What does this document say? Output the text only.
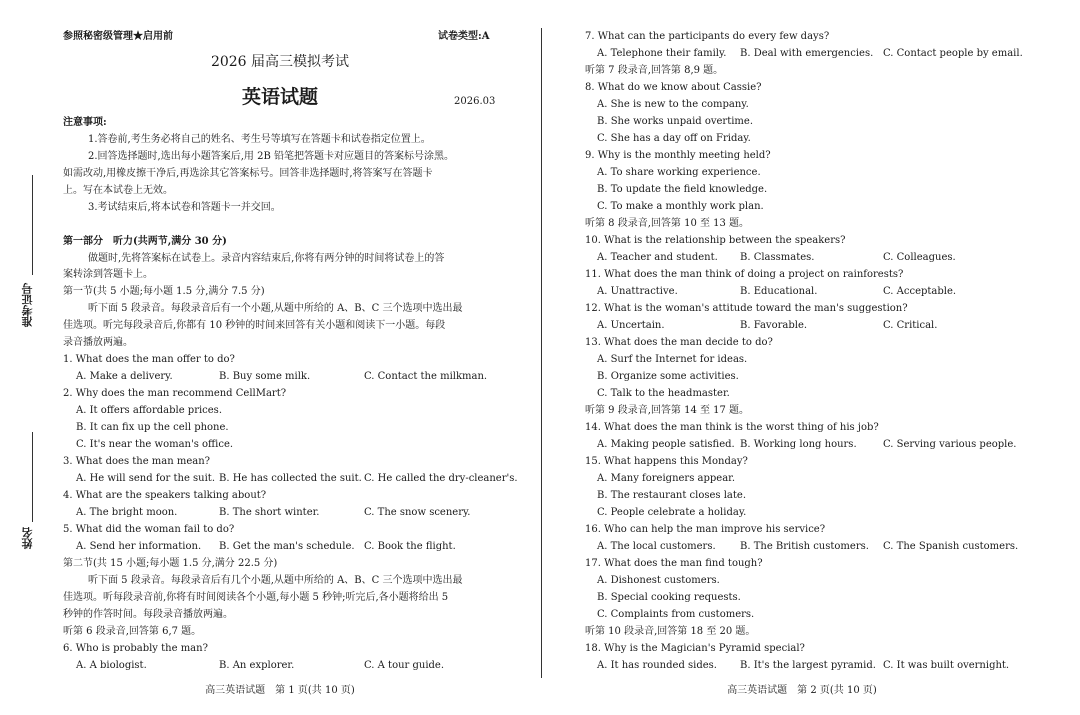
准考证号
姓名
参照秘密级管理★启用前	试卷类型:A
2026 届高三模拟考试
英语试题	2026.03
注意事项:
1.答卷前,考生务必将自己的姓名、考生号等填写在答题卡和试卷指定位置上。
2.回答选择题时,选出每小题答案后,用 2B 铅笔把答题卡对应题目的答案标号涂黑。
如需改动,用橡皮擦干净后,再选涂其它答案标号。回答非选择题时,将答案写在答题卡
上。写在本试卷上无效。
3.考试结束后,将本试卷和答题卡一并交回。
第一部分　听力(共两节,满分 30 分)
做题时,先将答案标在试卷上。录音内容结束后,你将有两分钟的时间将试卷上的答
案转涂到答题卡上。
第一节(共 5 小题;每小题 1.5 分,满分 7.5 分)
听下面 5 段录音。每段录音后有一个小题,从题中所给的 A、B、C 三个选项中选出最
佳选项。听完每段录音后,你都有 10 秒钟的时间来回答有关小题和阅读下一小题。每段
录音播放两遍。
1. What does the man offer to do?
A. Make a delivery.	B. Buy some milk.	C. Contact the milkman.
2. Why does the man recommend CellMart?
A. It offers affordable prices.
B. It can fix up the cell phone.
C. It's near the woman's office.
3. What does the man mean?
A. He will send for the suit. B. He has collected the suit. C. He called the dry-cleaner's.
4. What are the speakers talking about?
A. The bright moon.	B. The short winter.	C. The snow scenery.
5. What did the woman fail to do?
A. Send her information. B. Get the man's schedule. C. Book the flight.
第二节(共 15 小题;每小题 1.5 分,满分 22.5 分)
听下面 5 段录音。每段录音后有几个小题,从题中所给的 A、B、C 三个选项中选出最
佳选项。听每段录音前,你将有时间阅读各个小题,每小题 5 秒钟;听完后,各小题将给出 5
秒钟的作答时间。每段录音播放两遍。
听第 6 段录音,回答第 6,7 题。
6. Who is probably the man?
A. A biologist.	B. An explorer.	C. A tour guide.
高三英语试题　第 1 页(共 10 页)
7. What can the participants do every few days?
A. Telephone their family. B. Deal with emergencies. C. Contact people by email.
听第 7 段录音,回答第 8,9 题。
8. What do we know about Cassie?
A. She is new to the company.
B. She works unpaid overtime.
C. She has a day off on Friday.
9. Why is the monthly meeting held?
A. To share working experience.
B. To update the field knowledge.
C. To make a monthly work plan.
听第 8 段录音,回答第 10 至 13 题。
10. What is the relationship between the speakers?
A. Teacher and student. B. Classmates.	C. Colleagues.
11. What does the man think of doing a project on rainforests?
A. Unattractive.	B. Educational.	C. Acceptable.
12. What is the woman's attitude toward the man's suggestion?
A. Uncertain.	B. Favorable.	C. Critical.
13. What does the man decide to do?
A. Surf the Internet for ideas.
B. Organize some activities.
C. Talk to the headmaster.
听第 9 段录音,回答第 14 至 17 题。
14. What does the man think is the worst thing of his job?
A. Making people satisfied. B. Working long hours.	C. Serving various people.
15. What happens this Monday?
A. Many foreigners appear.
B. The restaurant closes late.
C. People celebrate a holiday.
16. Who can help the man improve his service?
A. The local customers. B. The British customers. C. The Spanish customers.
17. What does the man find tough?
A. Dishonest customers.
B. Special cooking requests.
C. Complaints from customers.
听第 10 段录音,回答第 18 至 20 题。
18. Why is the Magician's Pyramid special?
A. It has rounded sides. B. It's the largest pyramid. C. It was built overnight.
高三英语试题　第 2 页(共 10 页)
